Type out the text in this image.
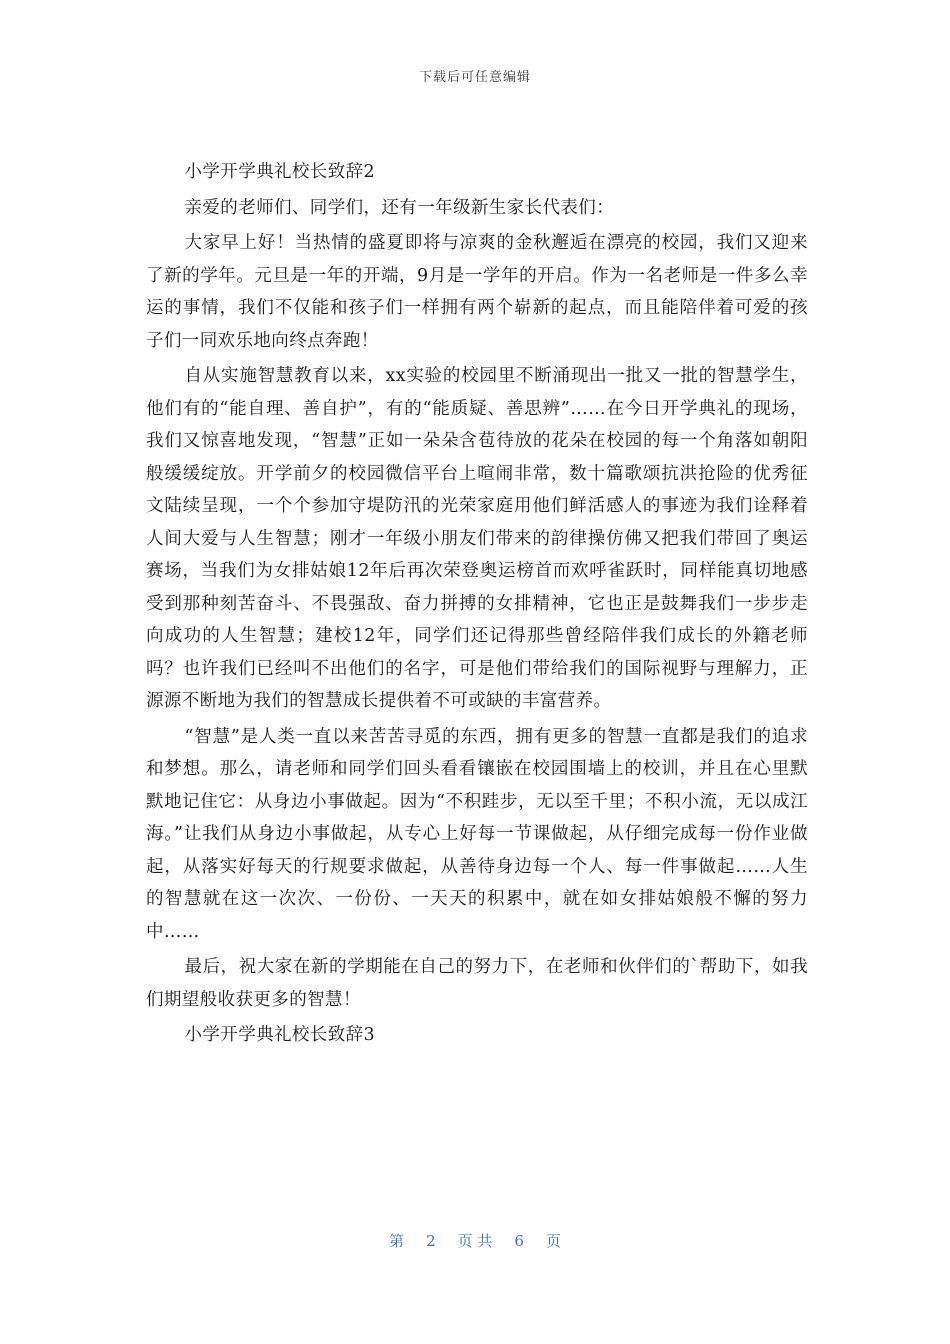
下载后可任意编辑

小学开学典礼校长致辞2

亲爱的老师们、同学们，还有一年级新生家长代表们：

大家早上好！当热情的盛夏即将与凉爽的金秋邂逅在漂亮的校园，我们又迎来了新的学年。元旦是一年的开端，9月是一学年的开启。作为一名老师是一件多么幸运的事情，我们不仅能和孩子们一样拥有两个崭新的起点，而且能陪伴着可爱的孩子们一同欢乐地向终点奔跑！

自从实施智慧教育以来，xx实验的校园里不断涌现出一批又一批的智慧学生，他们有的“能自理、善自护”，有的“能质疑、善思辨”……在今日开学典礼的现场，我们又惊喜地发现，“智慧”正如一朵朵含苞待放的花朵在校园的每一个角落如朝阳般缓缓绽放。开学前夕的校园微信平台上喧闹非常，数十篇歌颂抗洪抢险的优秀征文陆续呈现，一个个参加守堤防汛的光荣家庭用他们鲜活感人的事迹为我们诠释着人间大爱与人生智慧；刚才一年级小朋友们带来的韵律操仿佛又把我们带回了奥运赛场，当我们为女排姑娘12年后再次荣登奥运榜首而欢呼雀跃时，同样能真切地感受到那种刻苦奋斗、不畏强敌、奋力拼搏的女排精神，它也正是鼓舞我们一步步走向成功的人生智慧；建校12年，同学们还记得那些曾经陪伴我们成长的外籍老师吗？也许我们已经叫不出他们的名字，可是他们带给我们的国际视野与理解力，正源源不断地为我们的智慧成长提供着不可或缺的丰富营养。

“智慧”是人类一直以来苦苦寻觅的东西，拥有更多的智慧一直都是我们的追求和梦想。那么，请老师和同学们回头看看镶嵌在校园围墙上的校训，并且在心里默默地记住它：从身边小事做起。因为“不积跬步，无以至千里；不积小流，无以成江海。”让我们从身边小事做起，从专心上好每一节课做起，从仔细完成每一份作业做起，从落实好每天的行规要求做起，从善待身边每一个人、每一件事做起……人生的智慧就在这一次次、一份份、一天天的积累中，就在如女排姑娘般不懈的努力中……

最后，祝大家在新的学期能在自己的努力下，在老师和伙伴们的`帮助下，如我们期望般收获更多的智慧！

小学开学典礼校长致辞3

第 2 页 共 6 页
